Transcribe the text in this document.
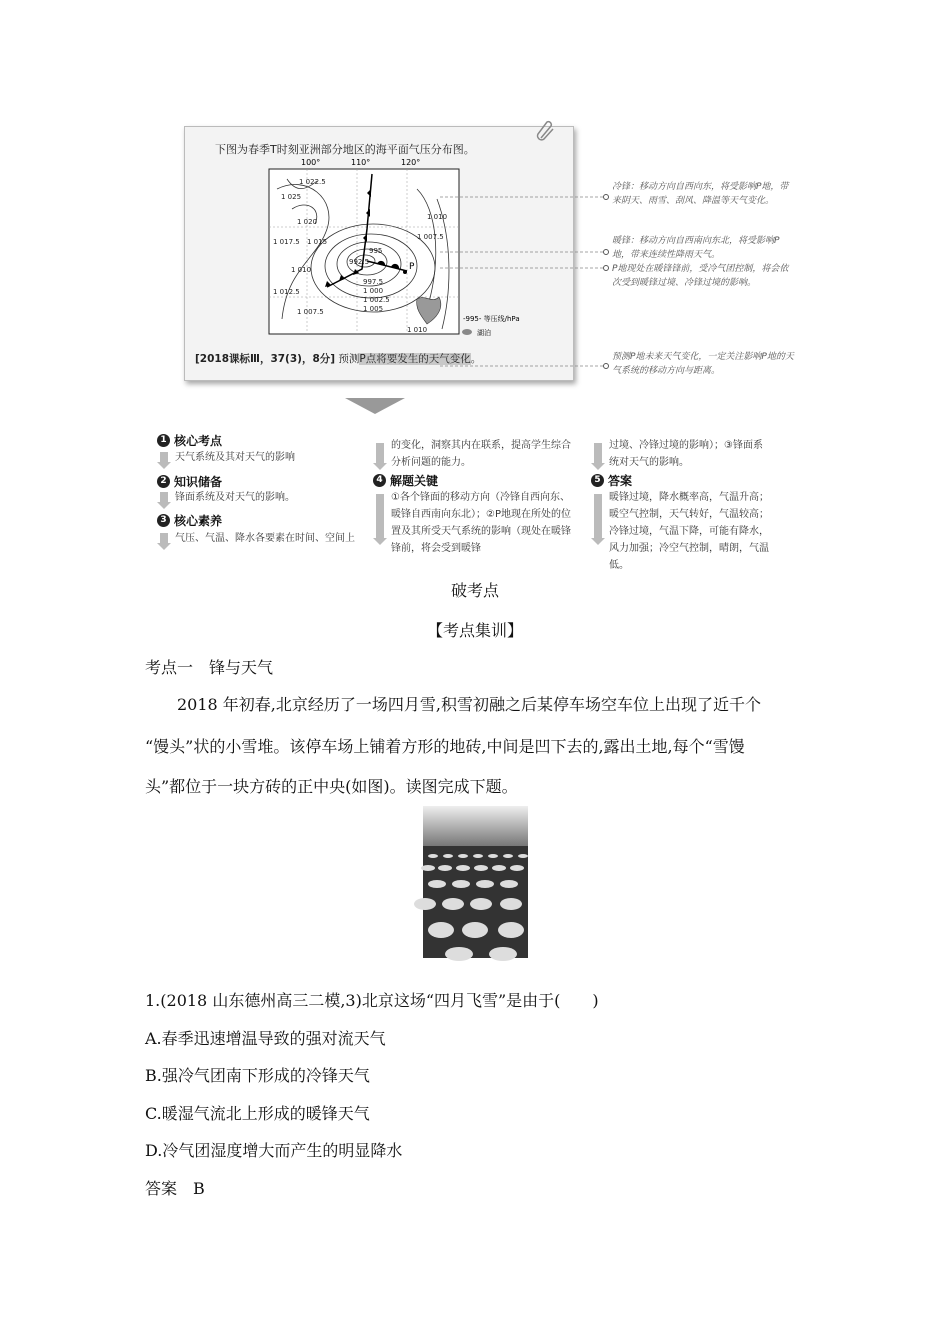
下图为春季T时刻亚洲部分地区的海平面气压分布图。
P
100°	110°	120°
1 022.5
1 025
1 020
1 017.5 1 015
1 010
1 012.5
1 007.5
992.5
995
997.5
1 000
1 002.5
1 005
1 010
1 007.5
1 010
-995- 等压线/hPa
湖泊
[2018课标Ⅲ，37(3)，8分] 预测P点将要发生的天气变化。
冷锋：移动方向自西向东，将受影响P地，带来阴天、雨雪、刮风、降温等天气变化。
暖锋：移动方向自西南向东北，将受影响P地，带来连续性降雨天气。
P地现处在暖锋锋前，受冷气团控制，将会依次受到暖锋过境、冷锋过境的影响。
预测P地未来天气变化，一定关注影响P地的天气系统的移动方向与距离。
1 核心考点
天气系统及其对天气的影响
2 知识储备
锋面系统及对天气的影响。
3 核心素养
气压、气温、降水各要素在时间、空间上
的变化，洞察其内在联系，提高学生综合分析问题的能力。
4 解题关键
①各个锋面的移动方向（冷锋自西向东、暖锋自西南向东北）；②P地现在所处的位置及其所受天气系统的影响（现处在暖锋锋前，将会受到暖锋
过境、冷锋过境的影响）；③锋面系统对天气的影响。
5 答案
暖锋过境，降水概率高，气温升高；暖空气控制，天气转好，气温较高；冷锋过境，气温下降，可能有降水，风力加强；冷空气控制，晴朗，气温低。
破考点
【考点集训】
考点一　锋与天气
2018 年初春,北京经历了一场四月雪,积雪初融之后某停车场空车位上出现了近千个
“馒头”状的小雪堆。该停车场上铺着方形的地砖,中间是凹下去的,露出土地,每个“雪馒
头”都位于一块方砖的正中央(如图)。读图完成下题。
1.(2018 山东德州高三二模,3)北京这场“四月飞雪”是由于(　　)
A.春季迅速增温导致的强对流天气
B.强冷气团南下形成的冷锋天气
C.暖湿气流北上形成的暖锋天气
D.冷气团湿度增大而产生的明显降水
答案　B
